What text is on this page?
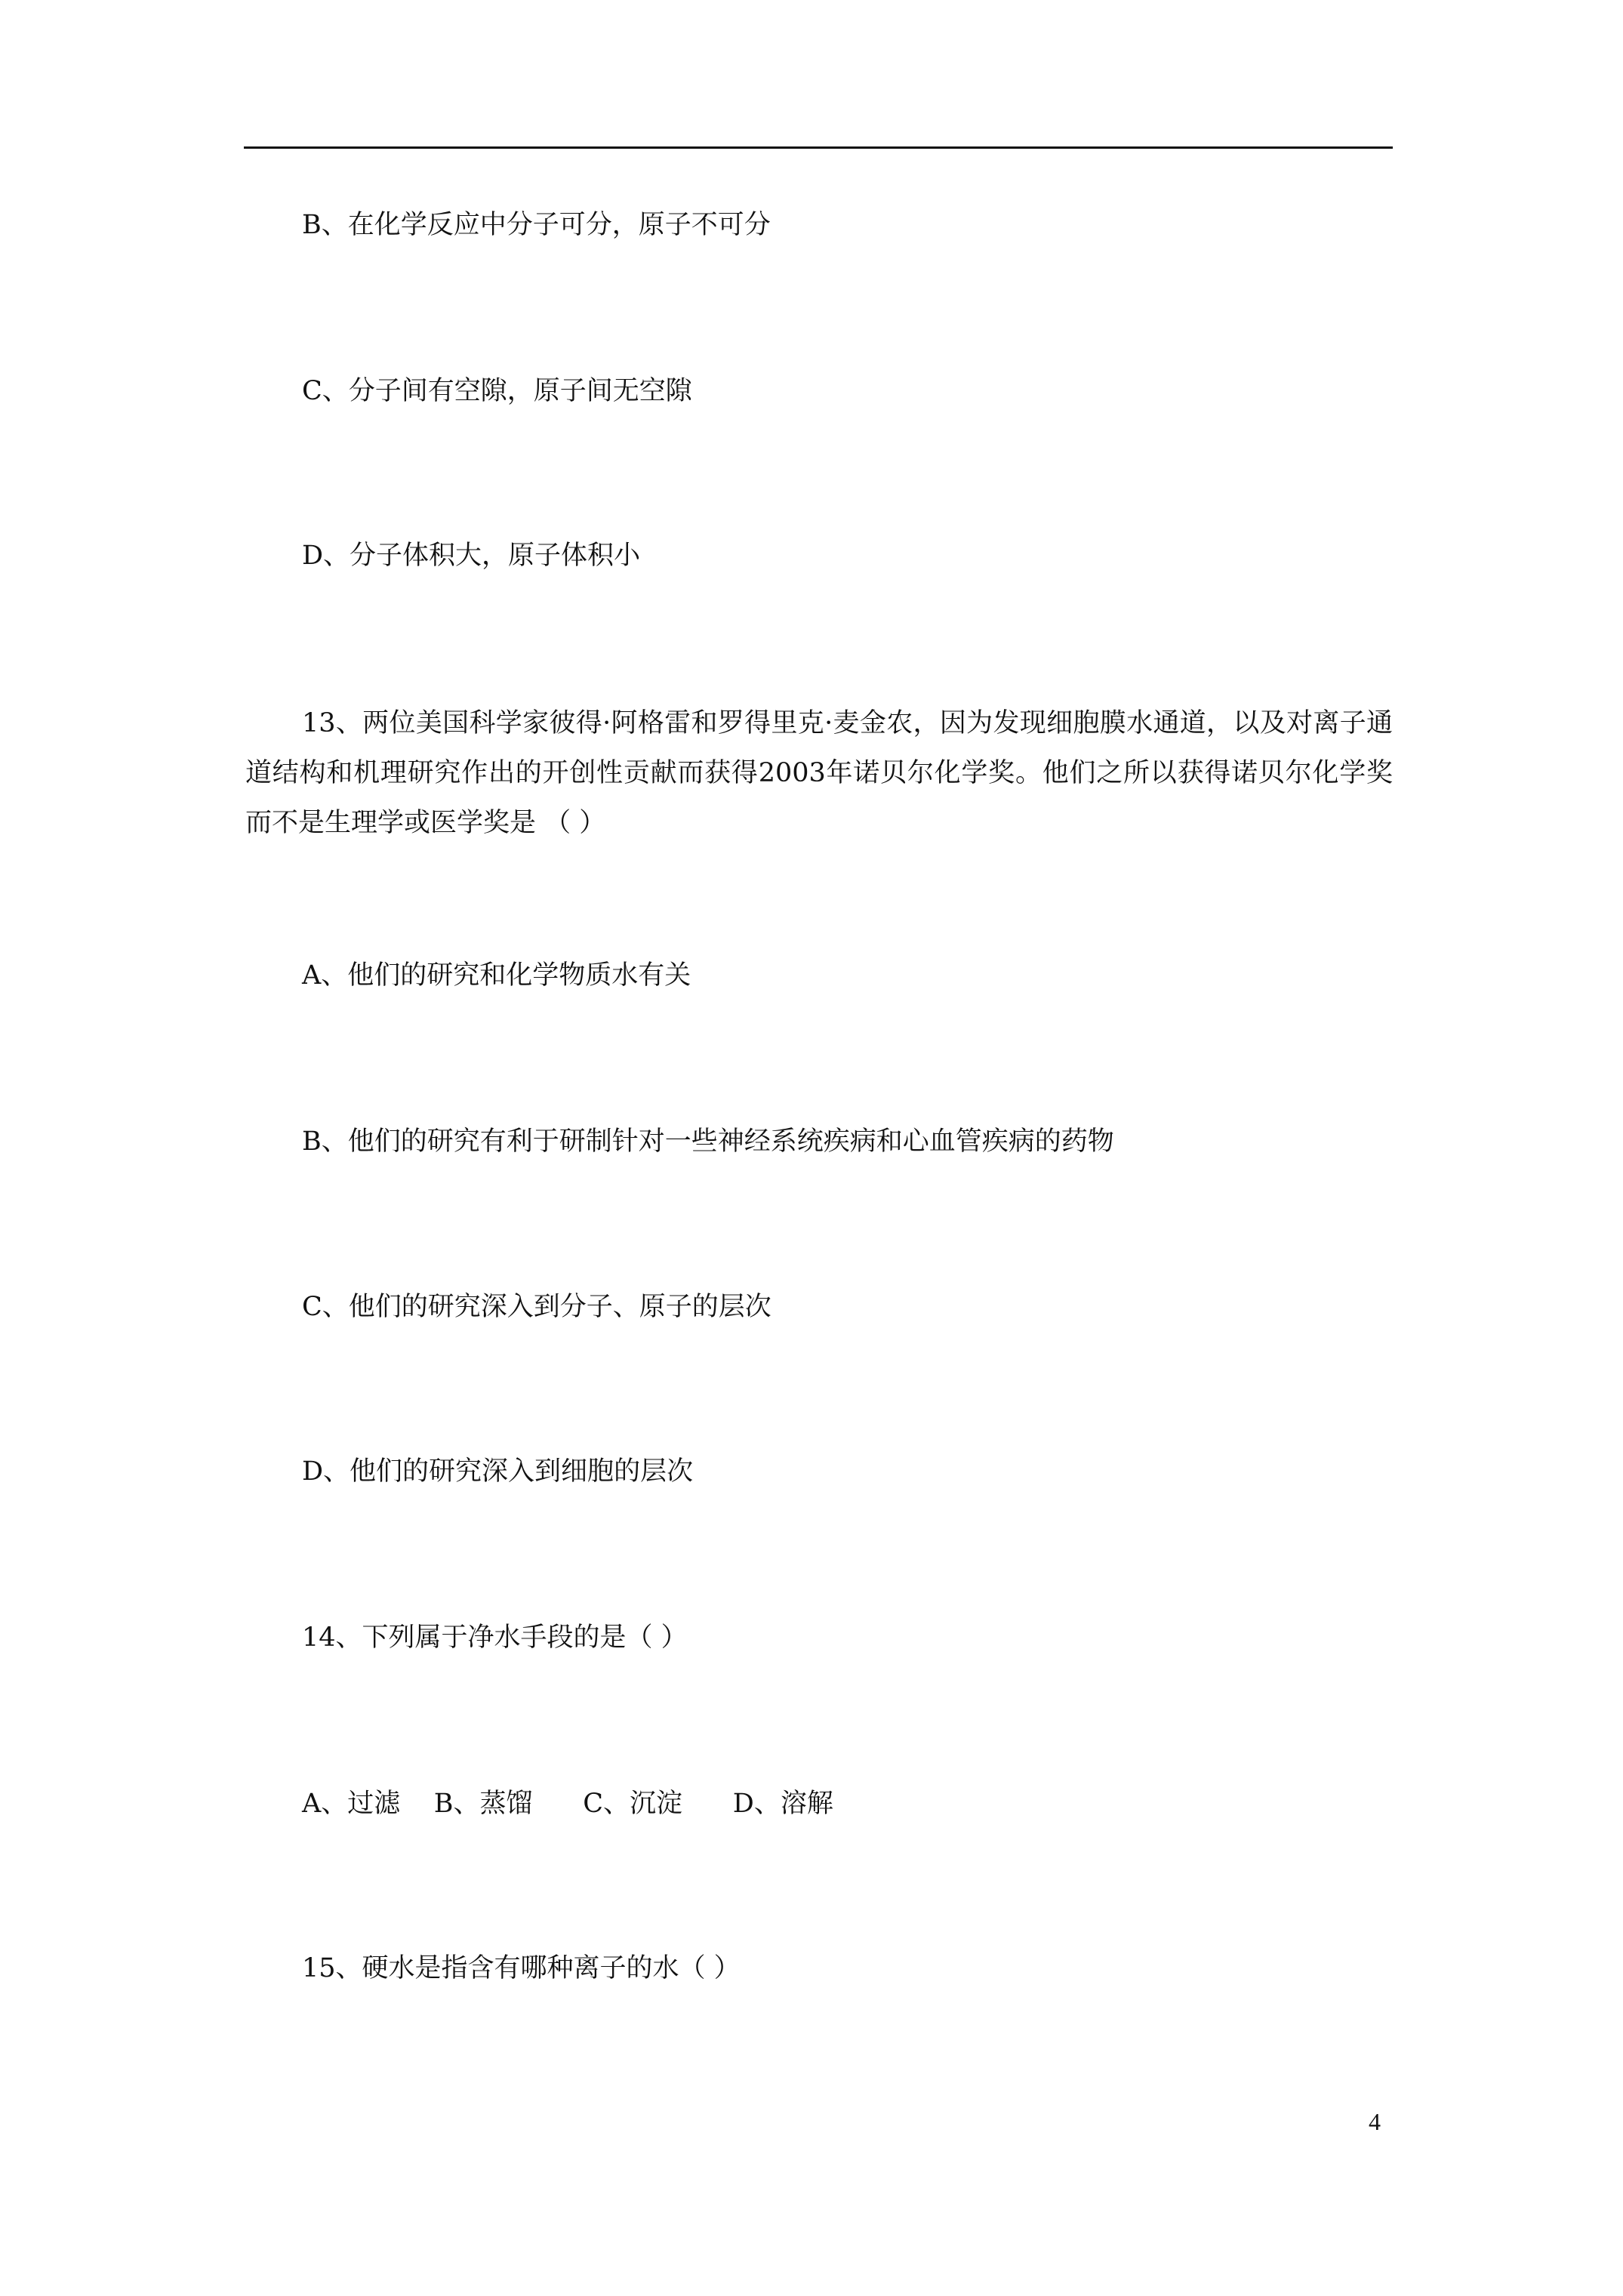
B、在化学反应中分子可分，原子不可分
C、分子间有空隙，原子间无空隙
D、分子体积大，原子体积小
13、两位美国科学家彼得·阿格雷和罗得里克·麦金农，因为发现细胞膜水通道，以及对离子通道结构和机理研究作出的开创性贡献而获得2003年诺贝尔化学奖。他们之所以获得诺贝尔化学奖而不是生理学或医学奖是 （ ）
A、他们的研究和化学物质水有关
B、他们的研究有利于研制针对一些神经系统疾病和心血管疾病的药物
C、他们的研究深入到分子、原子的层次
D、他们的研究深入到细胞的层次
14、下列属于净水手段的是（ ）
A、过滤    B、蒸馏      C、沉淀      D、溶解
15、硬水是指含有哪种离子的水（ ）
4
